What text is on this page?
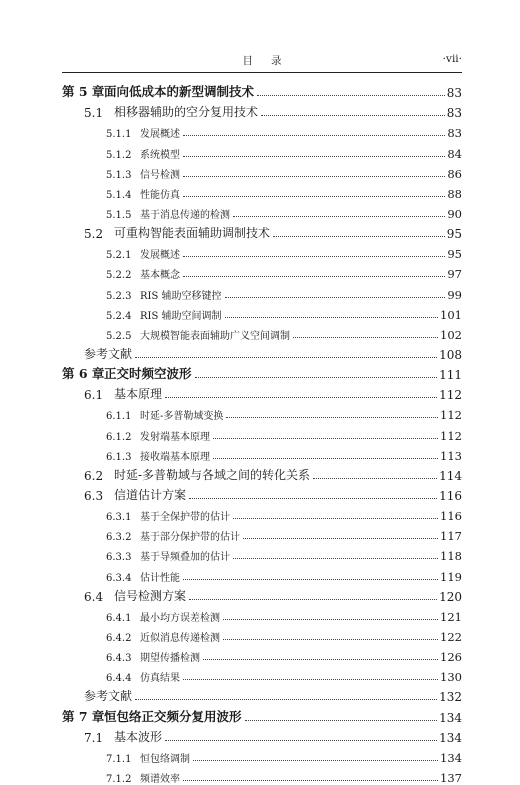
目 录	·vii·
第 5 章 面向低成本的新型调制技术	83
5.1 相移器辅助的空分复用技术	83
5.1.1 发展概述	83
5.1.2 系统模型	84
5.1.3 信号检测	86
5.1.4 性能仿真	88
5.1.5 基于消息传递的检测	90
5.2 可重构智能表面辅助调制技术	95
5.2.1 发展概述	95
5.2.2 基本概念	97
5.2.3 RIS 辅助空移键控	99
5.2.4 RIS 辅助空间调制	101
5.2.5 大规模智能表面辅助广义空间调制	102
参考文献	108
第 6 章 正交时频空波形	111
6.1 基本原理	112
6.1.1 时延-多普勒域变换	112
6.1.2 发射端基本原理	112
6.1.3 接收端基本原理	113
6.2 时延-多普勒域与各域之间的转化关系	114
6.3 信道估计方案	116
6.3.1 基于全保护带的估计	116
6.3.2 基于部分保护带的估计	117
6.3.3 基于导频叠加的估计	118
6.3.4 估计性能	119
6.4 信号检测方案	120
6.4.1 最小均方误差检测	121
6.4.2 近似消息传递检测	122
6.4.3 期望传播检测	126
6.4.4 仿真结果	130
参考文献	132
第 7 章 恒包络正交频分复用波形	134
7.1 基本波形	134
7.1.1 恒包络调制	134
7.1.2 频谱效率	137
